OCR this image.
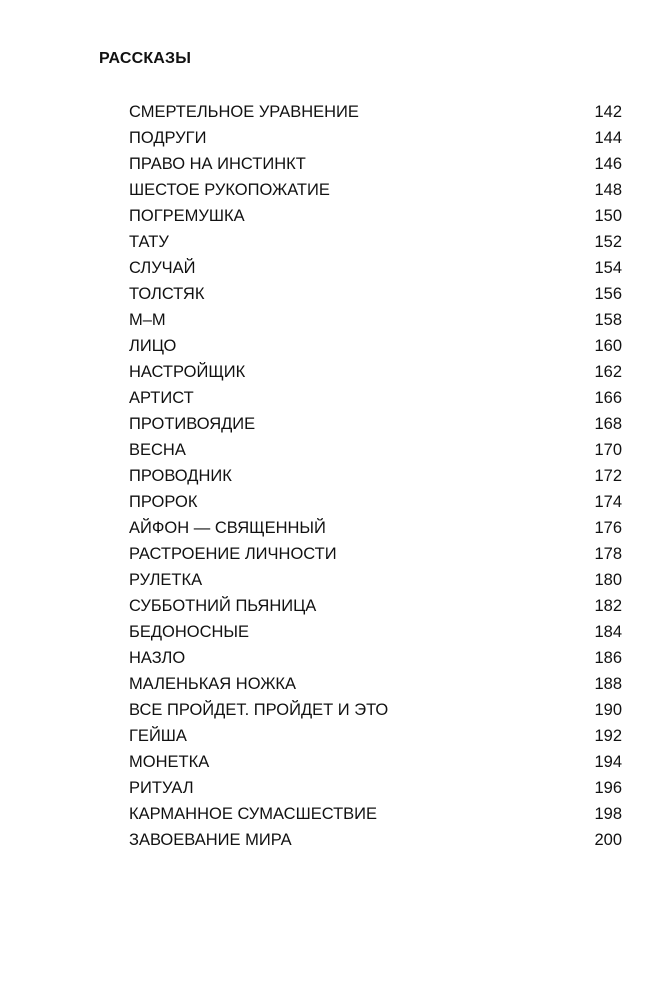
РАССКАЗЫ
СМЕРТЕЛЬНОЕ УРАВНЕНИЕ	142
ПОДРУГИ	144
ПРАВО НА ИНСТИНКТ	146
ШЕСТОЕ РУКОПОЖАТИЕ	148
ПОГРЕМУШКА	150
ТАТУ	152
СЛУЧАЙ	154
ТОЛСТЯК	156
М–М	158
ЛИЦО	160
НАСТРОЙЩИК	162
АРТИСТ	166
ПРОТИВОЯДИЕ	168
ВЕСНА	170
ПРОВОДНИК	172
ПРОРОК	174
АЙФОН — СВЯЩЕННЫЙ	176
РАСТРОЕНИЕ ЛИЧНОСТИ	178
РУЛЕТКА	180
СУББОТНИЙ ПЬЯНИЦА	182
БЕДОНОСНЫЕ	184
НАЗЛО	186
МАЛЕНЬКАЯ НОЖКА	188
ВСЕ ПРОЙДЕТ. ПРОЙДЕТ И ЭТО	190
ГЕЙША	192
МОНЕТКА	194
РИТУАЛ	196
КАРМАННОЕ СУМАСШЕСТВИЕ	198
ЗАВОЕВАНИЕ МИРА	200
